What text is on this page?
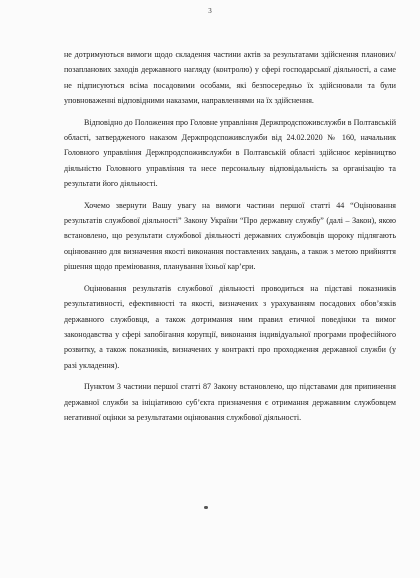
3

не дотримуються вимоги щодо складення частини актів за результатами здійснення планових/позапланових заходів державного нагляду (контролю) у сфері господарської діяльності, а саме не підписуються всіма посадовими особами, які безпосередньо їх здійснювали та були уповноваженні відповідними наказами, направленнями на їх здійснення.

Відповідно до Положення про Головне управління Держпродспоживслужби в Полтавській області, затвердженого наказом Держпродспоживслужби від 24.02.2020 № 160, начальник Головного управління Держпродспоживслужби в Полтавській області здійснює керівництво діяльністю Головного управління та несе персональну відповідальність за організацію та результати його діяльності.

Хочемо звернути Вашу увагу на вимоги частини першої статті 44 “Оцінювання результатів службової діяльності” Закону України “Про державну службу” (далі – Закон), якою встановлено, що результати службової діяльності державних службовців щороку підлягають оцінюванню для визначення якості виконання поставлених завдань, а також з метою прийняття рішення щодо преміювання, планування їхньої кар’єри.

Оцінювання результатів службової діяльності проводиться на підставі показників результативності, ефективності та якості, визначених з урахуванням посадових обов’язків державного службовця, а також дотримання ним правил етичної поведінки та вимог законодавства у сфері запобігання корупції, виконання індивідуальної програми професійного розвитку, а також показників, визначених у контракті про проходження державної служби (у разі укладення).

Пунктом 3 частини першої статті 87 Закону встановлено, що підставами для припинення державної служби за ініціативою суб’єкта призначення є отримання державним службовцем негативної оцінки за результатами оцінювання службової діяльності.
